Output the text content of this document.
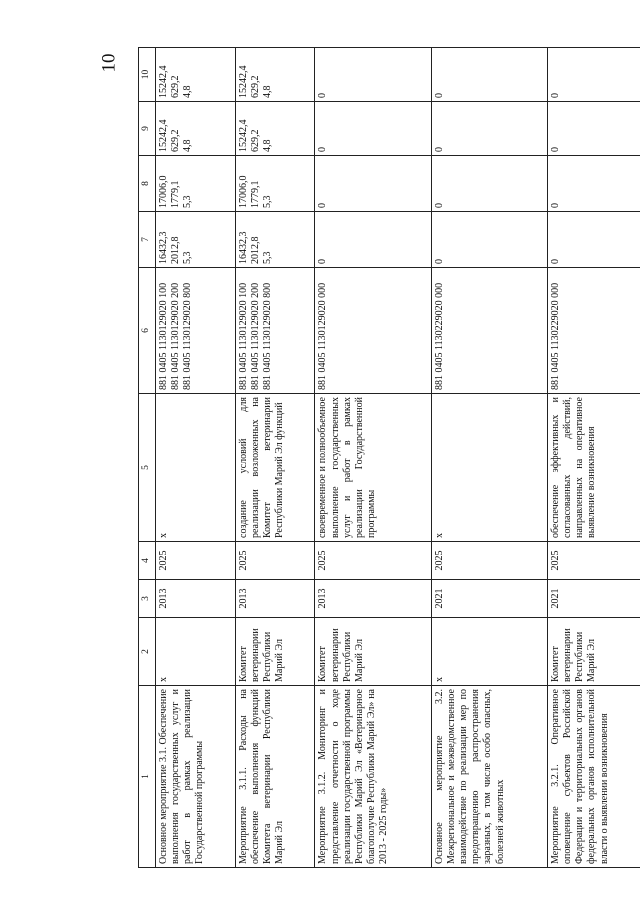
10
1	2	3	4	5	6	7	8	9	10
Основное мероприятие 3.1. Обеспечение выполнения государственных услуг и работ в рамках реализации Государственной программы	х	2013	2025	х	881 0405 1130129020 100 881 0405 1130129020 200 881 0405 1130129020 800	16432,3 2012,8 5,3	17006,0 1779,1 5,3	15242,4 629,2 4,8	15242,4 629,2 4,8

Мероприятие 3.1.1. Расходы на обеспечение выполнения функций Комитета ветеринарии Республики Марий Эл	Комитет ветеринарии Республики Марий Эл	2013	2025	создание условий для реализации возложенных на Комитет ветеринарии Республики Марий Эл функций	881 0405 1130129020 100 881 0405 1130129020 200 881 0405 1130129020 800	16432,3 2012,8 5,3	17006,0 1779,1 5,3	15242,4 629,2 4,8	15242,4 629,2 4,8

Мероприятие 3.1.2. Мониторинг и представление отчетности о ходе реализации государственной программы Республики Марий Эл «Ветеринарное благополучие Республики Марий Эл» на 2013 - 2025 годы»	Комитет ветеринарии Республики Марий Эл	2013	2025	своевременное и полнообъемное выполнение государственных услуг и работ в рамках реализации Государственной программы	881 0405 1130129020 000	0	0	0	0

Основное мероприятие 3.2. Межрегиональное и межведомственное взаимодействие по реализации мер по предотвращению распространения заразных, в том числе особо опасных, болезней животных	х	2021	2025	х	881 0405 1130229020 000	0	0	0	0

Мероприятие 3.2.1. Оперативное оповещение субъектов Российской Федерации и территориальных органов федеральных органов исполнительной власти о выявлении возникновения	Комитет ветеринарии Республики Марий Эл	2021	2025	обеспечение эффективных и согласованных действий, направленных на оперативное выявление возникновения	881 0405 1130229020 000	0	0	0	0
